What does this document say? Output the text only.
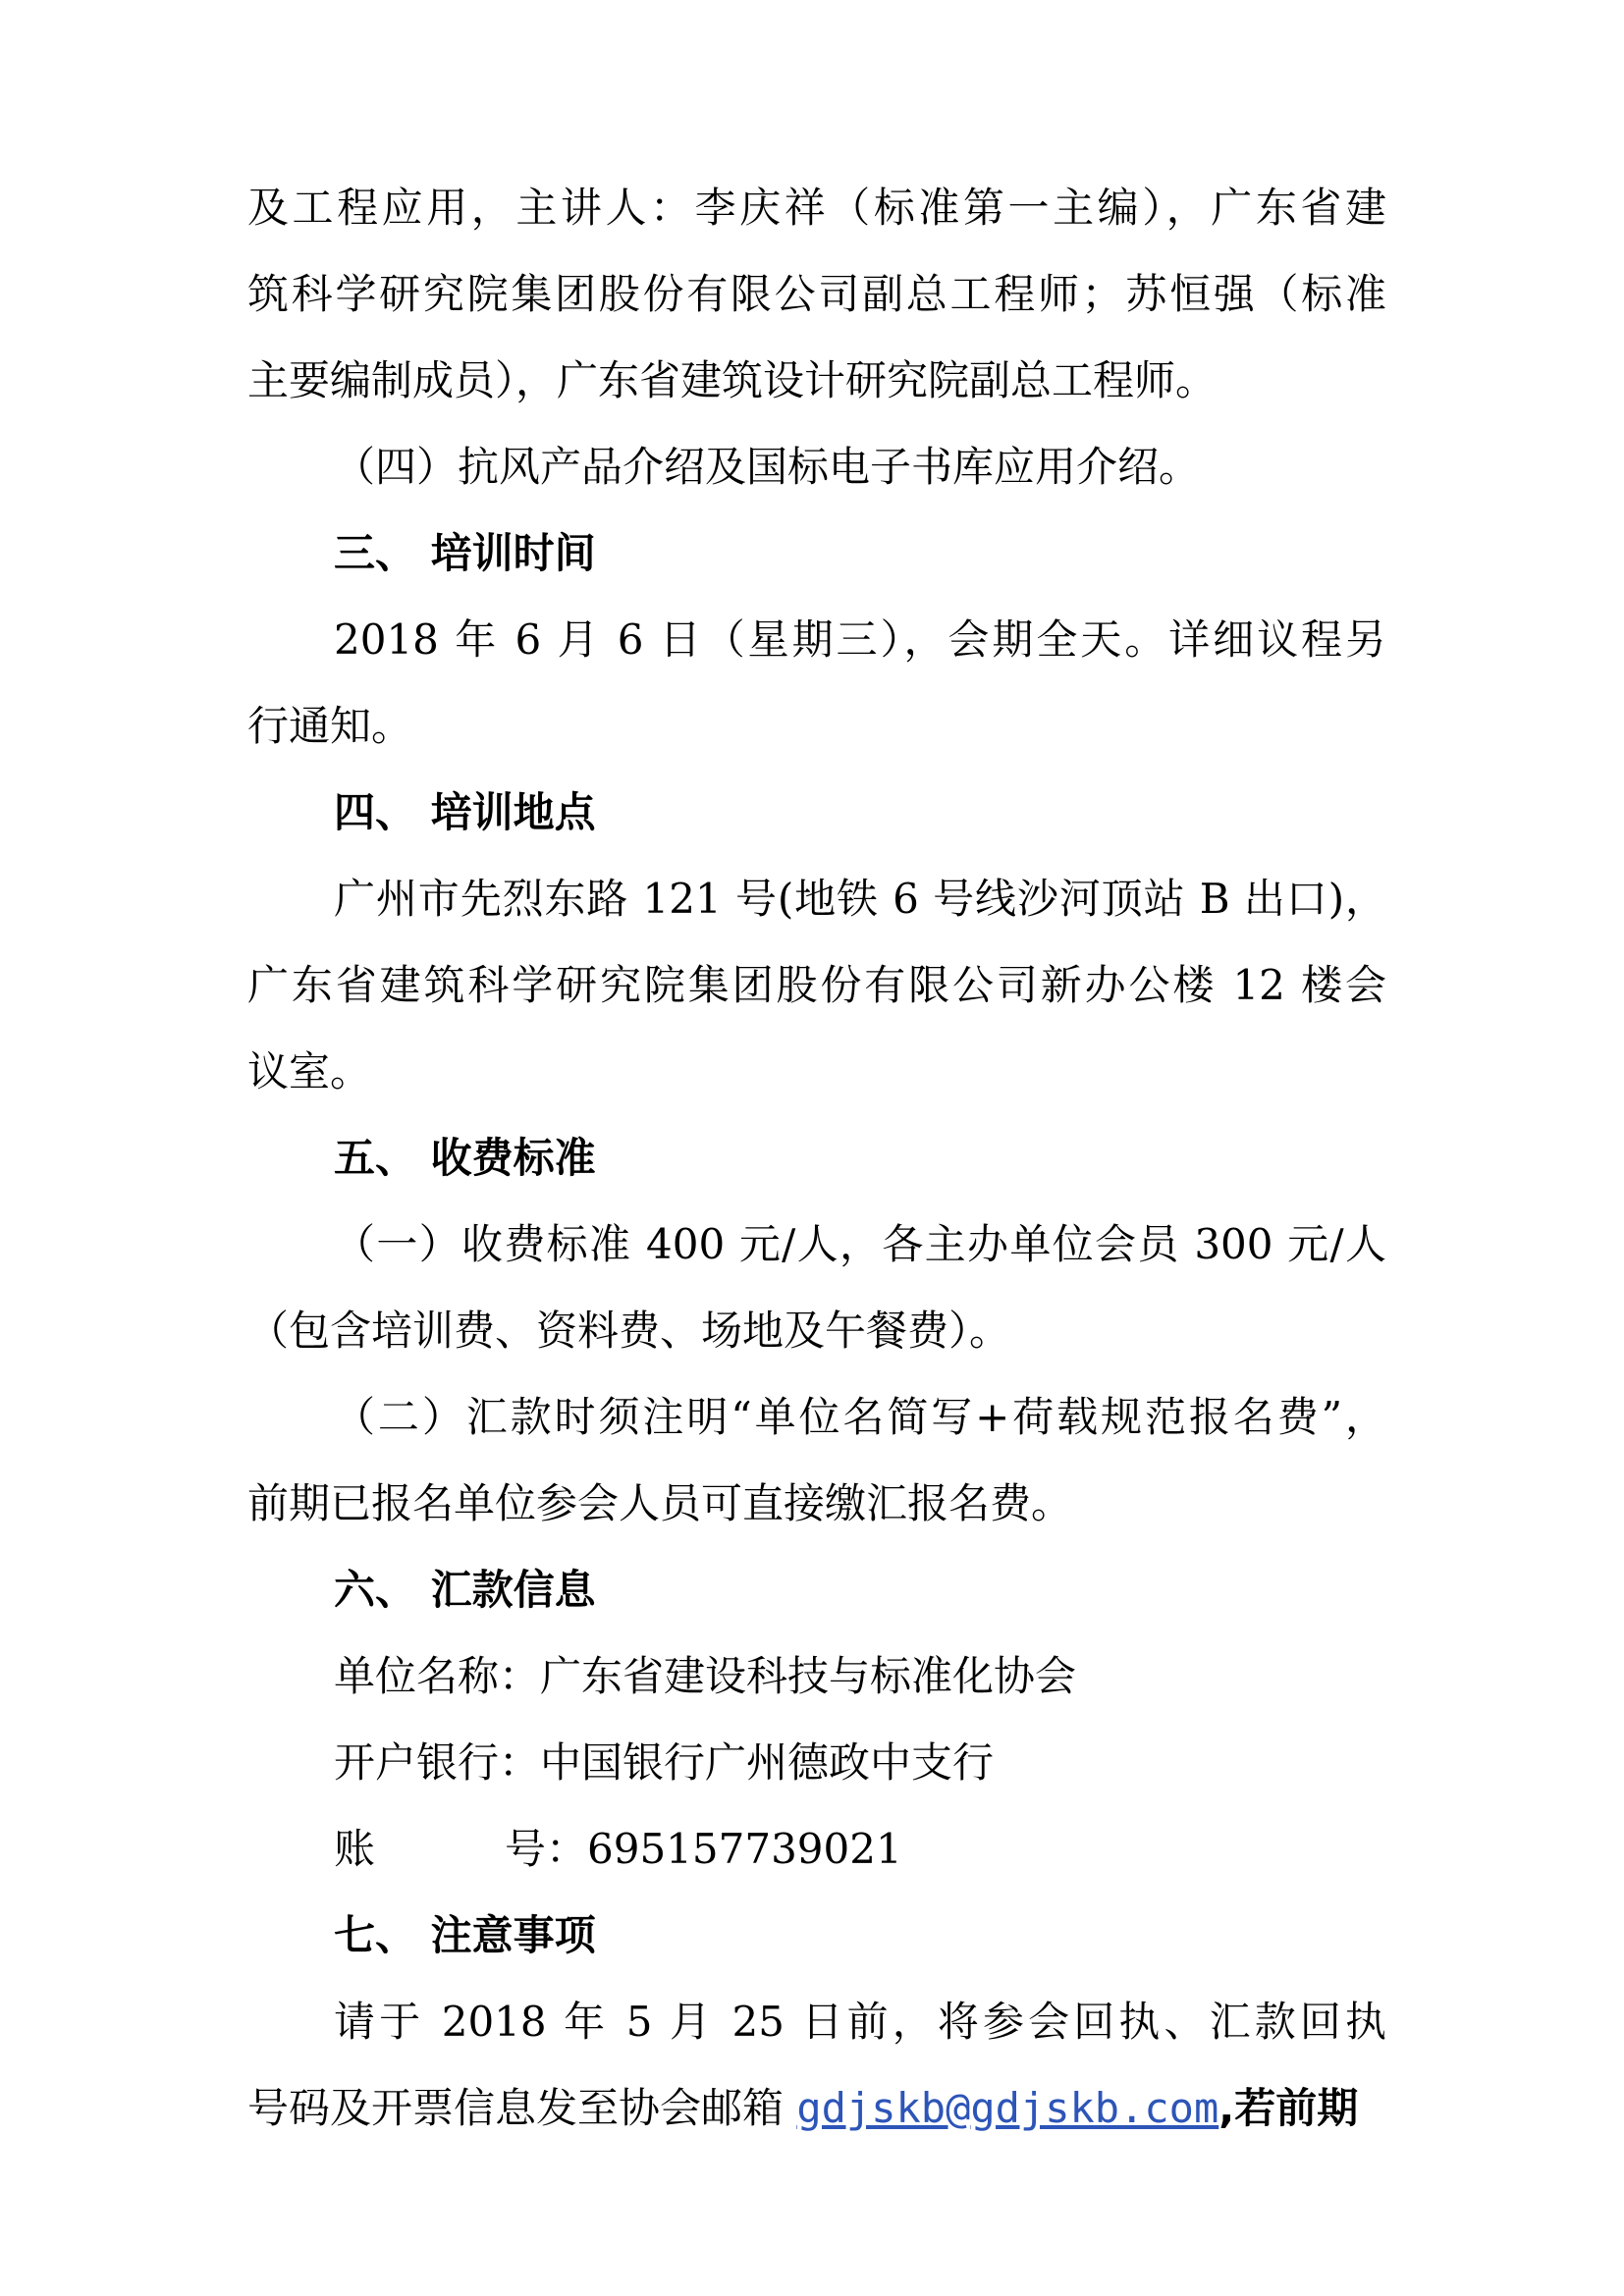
及工程应用，主讲人：李庆祥（标准第一主编），广东省建
筑科学研究院集团股份有限公司副总工程师；苏恒强（标准
主要编制成员），广东省建筑设计研究院副总工程师。
（四）抗风产品介绍及国标电子书库应用介绍。
三、 培训时间
2018 年 6 月 6 日（星期三），会期全天。详细议程另
行通知。
四、 培训地点
广州市先烈东路 121 号(地铁 6 号线沙河顶站 B 出口)，
广东省建筑科学研究院集团股份有限公司新办公楼 12 楼会
议室。
五、 收费标准
（一）收费标准 400 元/人，各主办单位会员 300 元/人
（包含培训费、资料费、场地及午餐费）。
（二）汇款时须注明“单位名简写+荷载规范报名费”，
前期已报名单位参会人员可直接缴汇报名费。
六、 汇款信息
单位名称：广东省建设科技与标准化协会
开户银行：中国银行广州德政中支行
账 号：695157739021
七、 注意事项
请于 2018 年 5 月 25 日前，将参会回执、汇款回执
号码及开票信息发至协会邮箱 gdjskb@gdjskb.com,若前期
